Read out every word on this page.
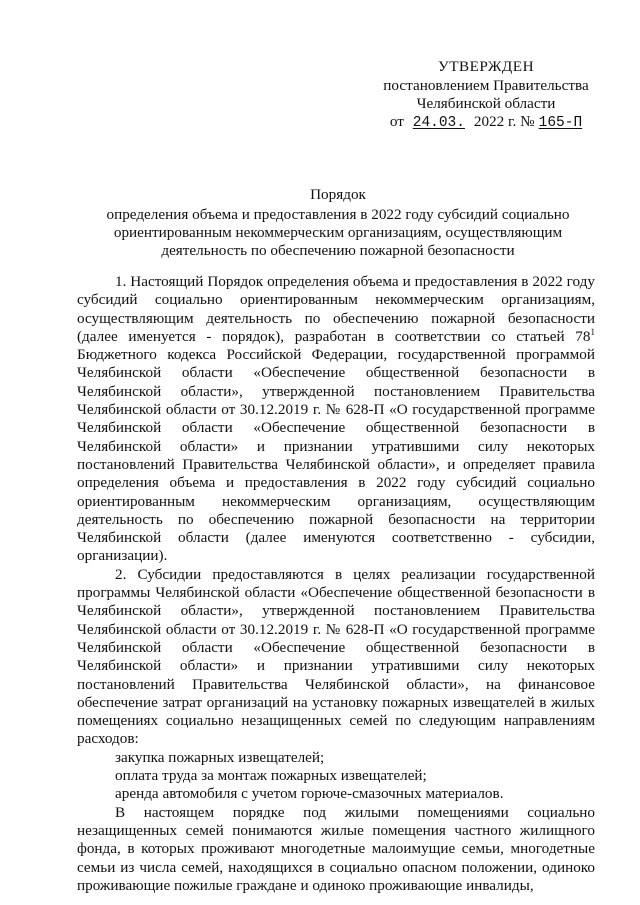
УТВЕРЖДЕН
постановлением Правительства
Челябинской области
от 24.03. 2022 г. № 165-П
Порядок
определения объема и предоставления в 2022 году субсидий социально
ориентированным некоммерческим организациям, осуществляющим
деятельность по обеспечению пожарной безопасности

1. Настоящий Порядок определения объема и предоставления в 2022 году субсидий социально ориентированным некоммерческим организациям, осуществляющим деятельность по обеспечению пожарной безопасности (далее именуется - порядок), разработан в соответствии со статьей $78^1$ Бюджетного кодекса Российской Федерации, государственной программой Челябинской области «Обеспечение общественной безопасности в Челябинской области», утвержденной постановлением Правительства Челябинской области от 30.12.2019 г. № 628-П «О государственной программе Челябинской области «Обеспечение общественной безопасности в Челябинской области» и признании утратившими силу некоторых постановлений Правительства Челябинской области», и определяет правила определения объема и предоставления в 2022 году субсидий социально ориентированным некоммерческим организациям, осуществляющим деятельность по обеспечению пожарной безопасности на территории Челябинской области (далее именуются соответственно - субсидии, организации).

2. Субсидии предоставляются в целях реализации государственной программы Челябинской области «Обеспечение общественной безопасности в Челябинской области», утвержденной постановлением Правительства Челябинской области от 30.12.2019 г. № 628-П «О государственной программе Челябинской области «Обеспечение общественной безопасности в Челябинской области» и признании утратившими силу некоторых постановлений Правительства Челябинской области», на финансовое обеспечение затрат организаций на установку пожарных извещателей в жилых помещениях социально незащищенных семей по следующим направлениям расходов:

закупка пожарных извещателей;

оплата труда за монтаж пожарных извещателей;

аренда автомобиля с учетом горюче-смазочных материалов.

В настоящем порядке под жилыми помещениями социально незащищенных семей понимаются жилые помещения частного жилищного фонда, в которых проживают многодетные малоимущие семьи, многодетные семьи из числа семей, находящихся в социально опасном положении, одиноко проживающие пожилые граждане и одиноко проживающие инвалиды,
